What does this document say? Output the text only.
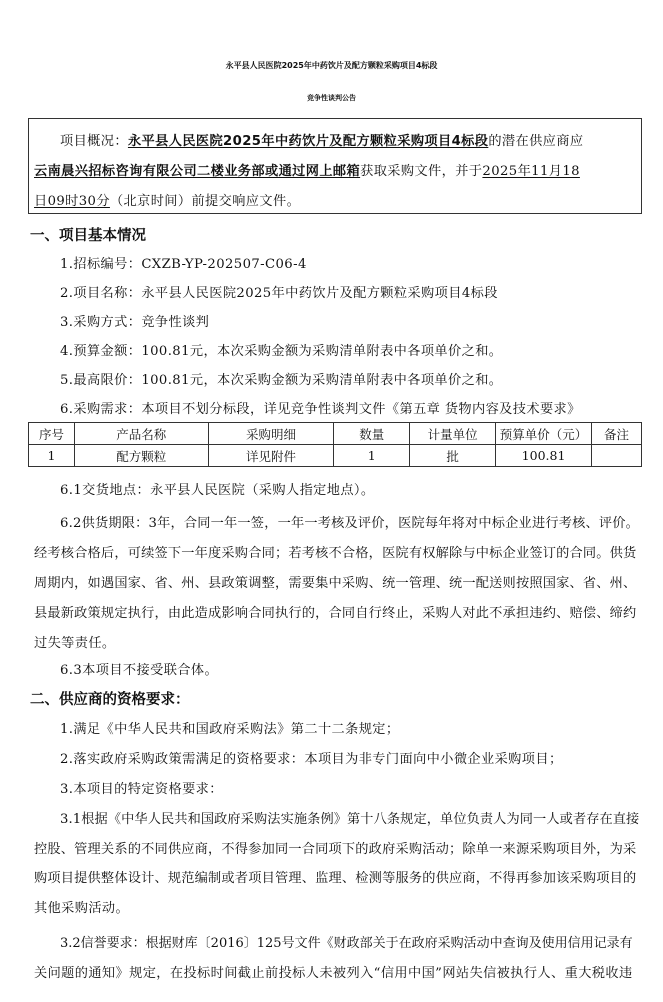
永平县人民医院2025年中药饮片及配方颗粒采购项目4标段
竞争性谈判公告
项目概况：永平县人民医院2025年中药饮片及配方颗粒采购项目4标段的潜在供应商应
云南晨兴招标咨询有限公司二楼业务部或通过网上邮箱获取采购文件，并于2025年11月18
日09时30分（北京时间）前提交响应文件。
一、项目基本情况
1.招标编号：CXZB-YP-202507-C06-4
2.项目名称：永平县人民医院2025年中药饮片及配方颗粒采购项目4标段
3.采购方式：竞争性谈判
4.预算金额：100.81元，本次采购金额为采购清单附表中各项单价之和。
5.最高限价：100.81元，本次采购金额为采购清单附表中各项单价之和。
6.采购需求：本项目不划分标段，详见竞争性谈判文件《第五章 货物内容及技术要求》
序号	产品名称	采购明细	数量	计量单位	预算单价（元）	备注
1	配方颗粒	详见附件	1	批	100.81	
6.1交货地点：永平县人民医院（采购人指定地点）。
6.2供货期限：3年，合同一年一签，一年一考核及评价，医院每年将对中标企业进行考核、评价。
经考核合格后，可续签下一年度采购合同；若考核不合格，医院有权解除与中标企业签订的合同。供货
周期内，如遇国家、省、州、县政策调整，需要集中采购、统一管理、统一配送则按照国家、省、州、
县最新政策规定执行，由此造成影响合同执行的，合同自行终止，采购人对此不承担违约、赔偿、缔约
过失等责任。
6.3本项目不接受联合体。
二、供应商的资格要求：
1.满足《中华人民共和国政府采购法》第二十二条规定；
2.落实政府采购政策需满足的资格要求：本项目为非专门面向中小微企业采购项目；
3.本项目的特定资格要求：
3.1根据《中华人民共和国政府采购法实施条例》第十八条规定，单位负责人为同一人或者存在直接
控股、管理关系的不同供应商，不得参加同一合同项下的政府采购活动；除单一来源采购项目外，为采
购项目提供整体设计、规范编制或者项目管理、监理、检测等服务的供应商，不得再参加该采购项目的
其他采购活动。
3.2信誉要求：根据财库〔2016〕125号文件《财政部关于在政府采购活动中查询及使用信用记录有
关问题的通知》规定，在投标时间截止前投标人未被列入“信用中国”网站失信被执行人、重大税收违
